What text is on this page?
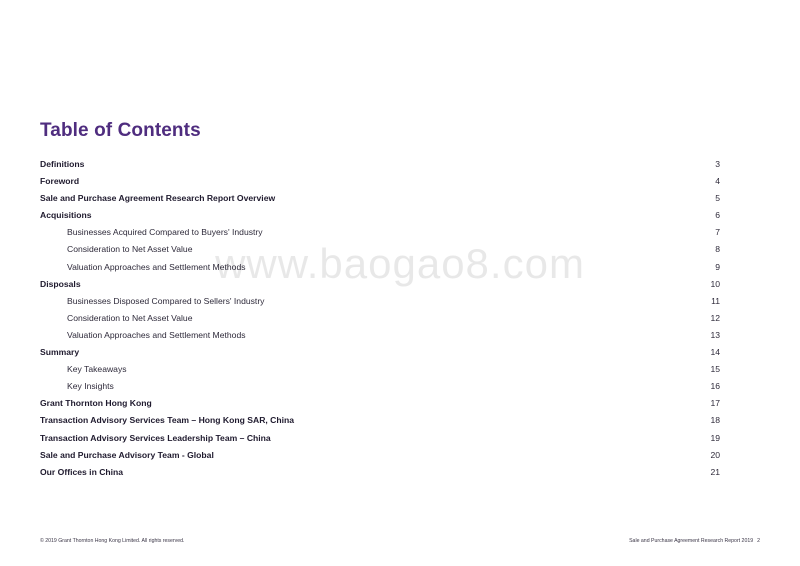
Table of Contents
Definitions	3
Foreword	4
Sale and Purchase Agreement Research Report Overview	5
Acquisitions	6
Businesses Acquired Compared to Buyers' Industry	7
Consideration to Net Asset Value	8
Valuation Approaches and Settlement Methods	9
Disposals	10
Businesses Disposed Compared to Sellers' Industry	11
Consideration to Net Asset Value	12
Valuation Approaches and Settlement Methods	13
Summary	14
Key Takeaways	15
Key Insights	16
Grant Thornton Hong Kong	17
Transaction Advisory Services Team – Hong Kong SAR, China	18
Transaction Advisory Services Leadership Team – China	19
Sale and Purchase Advisory Team - Global	20
Our Offices in China	21
www.baogao8.com
© 2019 Grant Thornton Hong Kong Limited. All rights reserved.	Sale and Purchase Agreement Research Report 2019 2
